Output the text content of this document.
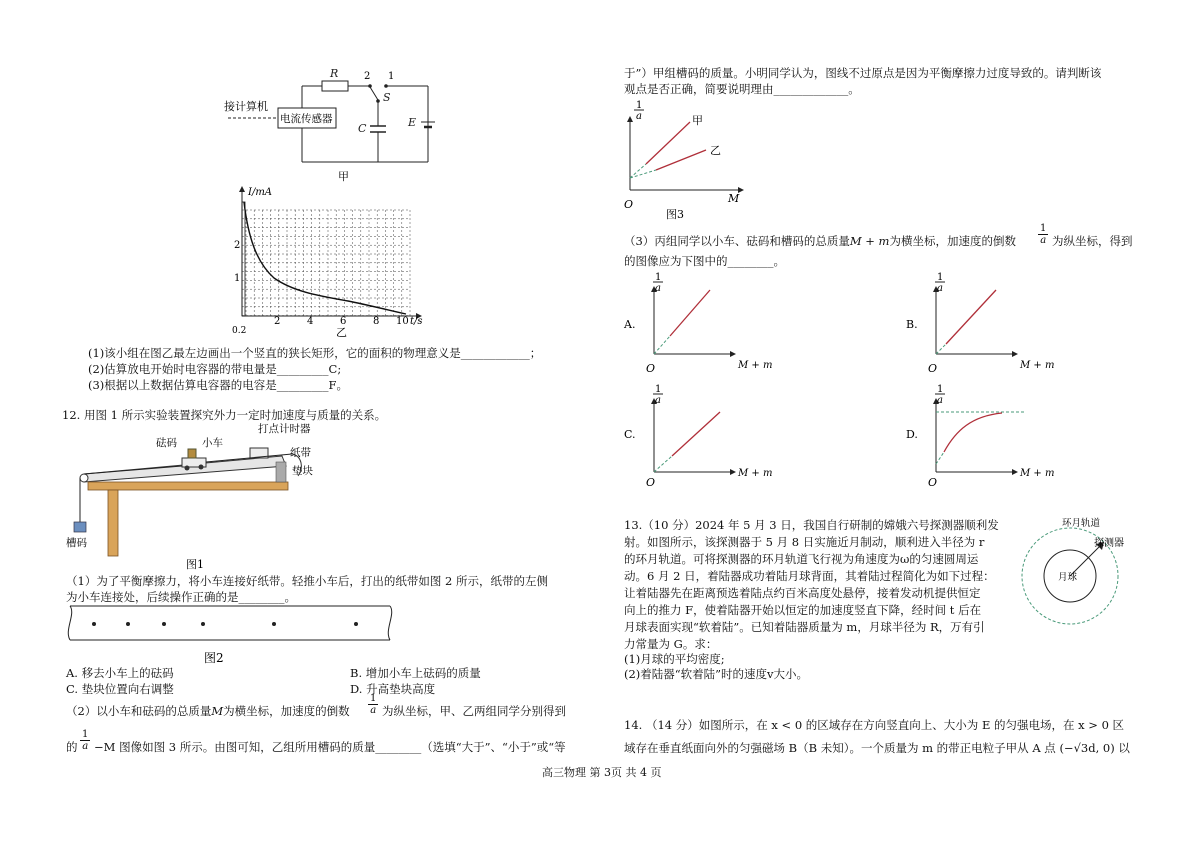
接计算机
电流传感器
R	2 1
S
C	E
甲
I/mA
t/s
2
1
2	4	6	8 10
0.2	乙
(1)该小组在图乙最左边画出一个竖直的狭长矩形，它的面积的物理意义是____________；
(2)估算放电开始时电容器的带电量是_________C;
(3)根据以上数据估算电容器的电容是_________F。
12. 用图 1 所示实验装置探究外力一定时加速度与质量的关系。
砝码 小车
打点计时器
纸带
垫块
槽码
图1
（1）为了平衡摩擦力，将小车连接好纸带。轻推小车后，打出的纸带如图 2 所示，纸带的左侧
为小车连接处，后续操作正确的是________。
图2
A. 移去小车上的砝码	B. 增加小车上砝码的质量
C. 垫块位置向右调整	D. 升高垫块高度
（2）以小车和砝码的总质量M为横坐标，加速度的倒数 $\frac{1}{a}$ 为纵坐标，甲、乙两组同学分别得到
的 $\frac{1}{a} -M$ 图像如图 3 所示。由图可知，乙组所用槽码的质量________（选填“大于”、“小于”或“等
高三物理 第 3页 共 4 页
于”）甲组槽码的质量。小明同学认为，图线不过原点是因为平衡摩擦力过度导致的。请判断该
观点是否正确，简要说明理由_____________。
1
a	甲
乙
O	M
图3
（3）丙组同学以小车、砝码和槽码的总质量M + m为横坐标，加速度的倒数 $\frac{1}{a}$ 为纵坐标，得到
的图像应为下图中的________。
A.
1
a
O	M + m
B.
1
a
O	M + m
C.
1
a
O
M + m
D.
1
a
O
M + m
13.（10 分）2024 年 5 月 3 日，我国自行研制的嫦娥六号探测器顺利发
射。如图所示，该探测器于 5 月 8 日实施近月制动，顺利进入半径为 r
的环月轨道。可将探测器的环月轨道飞行视为角速度为ω的匀速圆周运
动。6 月 2 日，着陆器成功着陆月球背面，其着陆过程简化为如下过程：
让着陆器先在距离预选着陆点约百米高度处悬停，接着发动机提供恒定
向上的推力 F，使着陆器开始以恒定的加速度竖直下降，经时间 t 后在
月球表面实现“软着陆”。已知着陆器质量为 m，月球半径为 R，万有引
力常量为 G。求：
(1)月球的平均密度;
(2)着陆器“软着陆”时的速度v大小。
环月轨道
探测器
月球
14. （14 分）如图所示，在 x < 0 的区域存在方向竖直向上、大小为 E 的匀强电场，在 x > 0 区
域存在垂直纸面向外的匀强磁场 B（B 未知）。一个质量为 m 的带正电粒子甲从 A 点 (−√3d, 0) 以
